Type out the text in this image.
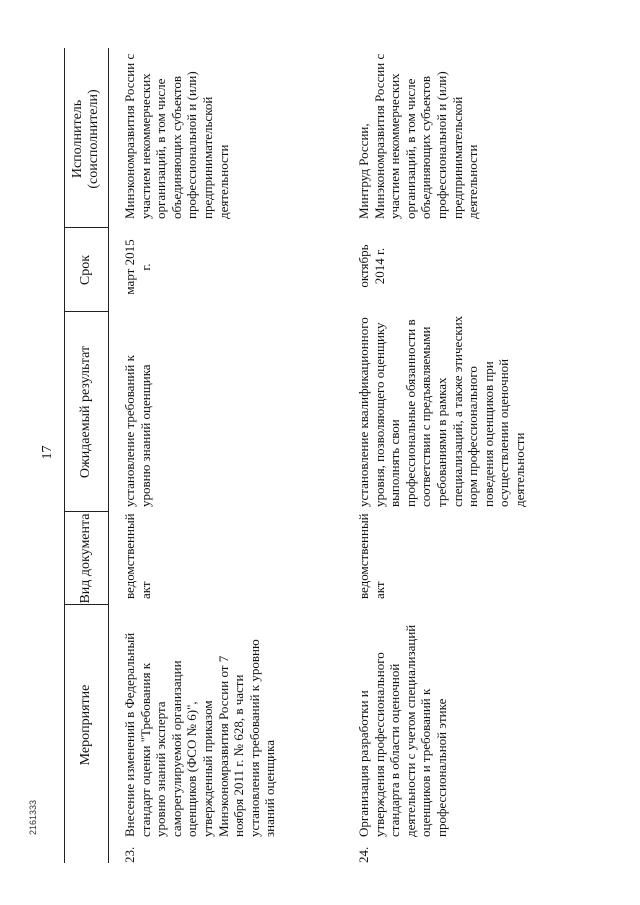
17
Мероприятие
Вид документа
Ожидаемый результат
Срок
Исполнитель (соисполнители)
23.
Внесение изменений в Федеральный стандарт оценки "Требования к уровню знаний эксперта саморегулируемой организации оценщиков (ФСО № 6)", утвержденный приказом Минэкономразвития России от 7 ноября 2011 г. № 628, в части установления требований к уровню знаний оценщика
ведомственный акт
установление требований к уровню знаний оценщика
март 2015 г.
Минэкономразвития России с участием некоммерческих организаций, в том числе объединяющих субъектов профессиональной и (или) предпринимательской деятельности
24.
Организация разработки и утверждения профессионального стандарта в области оценочной деятельности с учетом специализаций оценщиков и требований к профессиональной этике
ведомственный акт
установление квалификационного уровня, позволяющего оценщику выполнять свои профессиональные обязанности в соответствии с предъявляемыми требованиями в рамках специализаций, а также этических норм профессионального поведения оценщиков при осуществлении оценочной деятельности
октябрь 2014 г.
Минтруд России, Минэкономразвития России с участием некоммерческих организаций, в том числе объединяющих субъектов профессиональной и (или) предпринимательской деятельности
2161333
